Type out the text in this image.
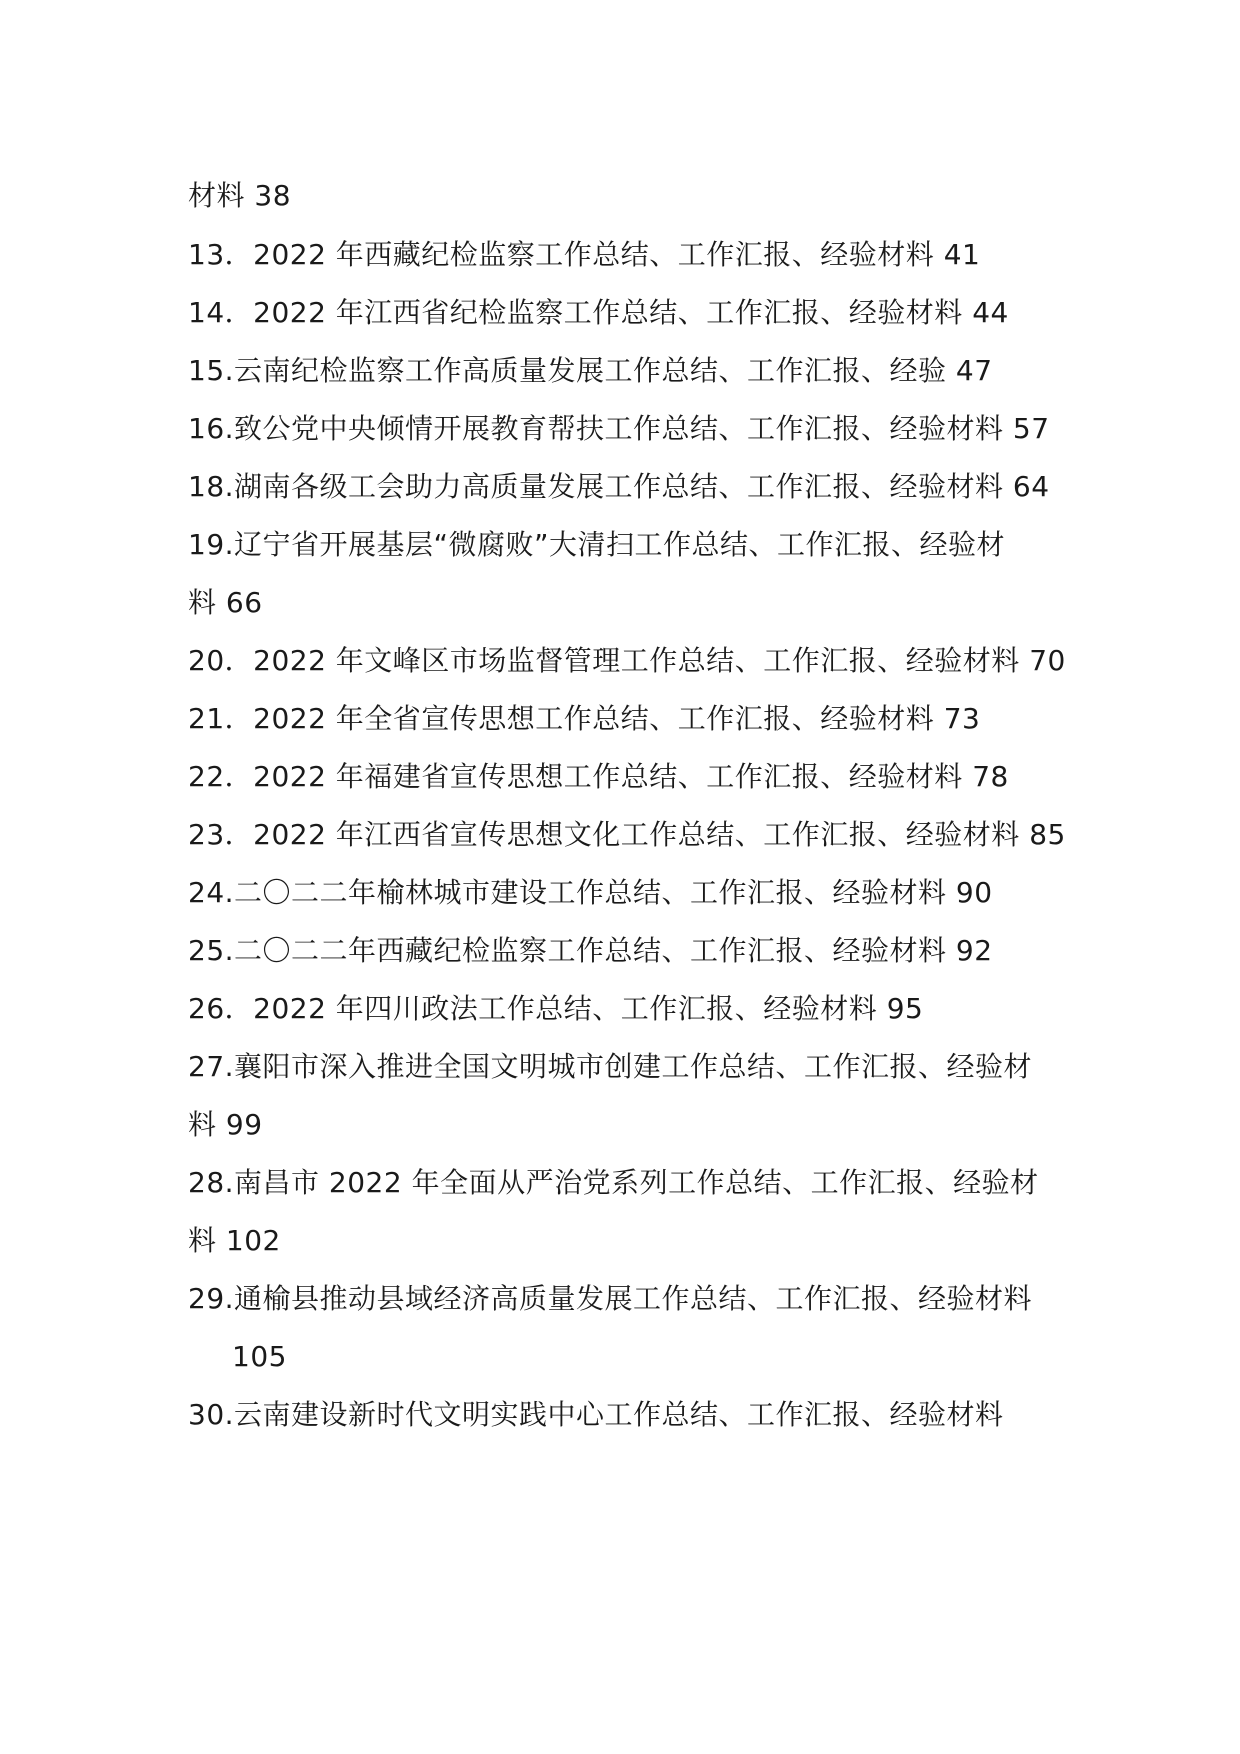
材料 38
13．2022 年西藏纪检监察工作总结、工作汇报、经验材料 41
14．2022 年江西省纪检监察工作总结、工作汇报、经验材料 44
15.云南纪检监察工作高质量发展工作总结、工作汇报、经验 47
16.致公党中央倾情开展教育帮扶工作总结、工作汇报、经验材料 57
18.湖南各级工会助力高质量发展工作总结、工作汇报、经验材料 64
19.辽宁省开展基层“微腐败”大清扫工作总结、工作汇报、经验材
料 66
20．2022 年文峰区市场监督管理工作总结、工作汇报、经验材料 70
21．2022 年全省宣传思想工作总结、工作汇报、经验材料 73
22．2022 年福建省宣传思想工作总结、工作汇报、经验材料 78
23．2022 年江西省宣传思想文化工作总结、工作汇报、经验材料 85
24.二〇二二年榆林城市建设工作总结、工作汇报、经验材料 90
25.二〇二二年西藏纪检监察工作总结、工作汇报、经验材料 92
26．2022 年四川政法工作总结、工作汇报、经验材料 95
27.襄阳市深入推进全国文明城市创建工作总结、工作汇报、经验材
料 99
28.南昌市 2022 年全面从严治党系列工作总结、工作汇报、经验材
料 102
29.通榆县推动县域经济高质量发展工作总结、工作汇报、经验材料
105
30.云南建设新时代文明实践中心工作总结、工作汇报、经验材料
